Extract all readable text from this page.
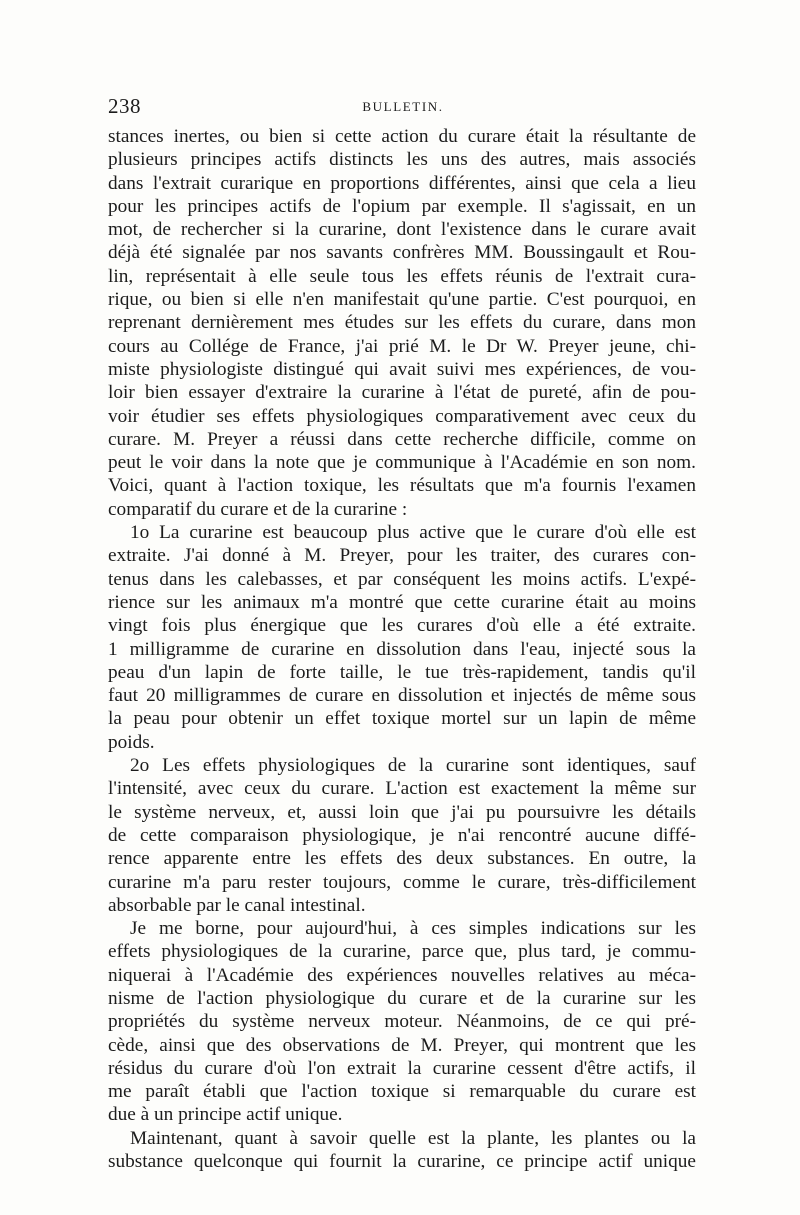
238	BULLETIN.
stances inertes, ou bien si cette action du curare était la résultante de
plusieurs principes actifs distincts les uns des autres, mais associés
dans l'extrait curarique en proportions différentes, ainsi que cela a lieu
pour les principes actifs de l'opium par exemple. Il s'agissait, en un
mot, de rechercher si la curarine, dont l'existence dans le curare avait
déjà été signalée par nos savants confrères MM. Boussingault et Rou-
lin, représentait à elle seule tous les effets réunis de l'extrait cura-
rique, ou bien si elle n'en manifestait qu'une partie. C'est pourquoi, en
reprenant dernièrement mes études sur les effets du curare, dans mon
cours au Collége de France, j'ai prié M. le Dr W. Preyer jeune, chi-
miste physiologiste distingué qui avait suivi mes expériences, de vou-
loir bien essayer d'extraire la curarine à l'état de pureté, afin de pou-
voir étudier ses effets physiologiques comparativement avec ceux du
curare. M. Preyer a réussi dans cette recherche difficile, comme on
peut le voir dans la note que je communique à l'Académie en son nom.
Voici, quant à l'action toxique, les résultats que m'a fournis l'examen
comparatif du curare et de la curarine :
1o La curarine est beaucoup plus active que le curare d'où elle est
extraite. J'ai donné à M. Preyer, pour les traiter, des curares con-
tenus dans les calebasses, et par conséquent les moins actifs. L'expé-
rience sur les animaux m'a montré que cette curarine était au moins
vingt fois plus énergique que les curares d'où elle a été extraite.
1 milligramme de curarine en dissolution dans l'eau, injecté sous la
peau d'un lapin de forte taille, le tue très-rapidement, tandis qu'il
faut 20 milligrammes de curare en dissolution et injectés de même sous
la peau pour obtenir un effet toxique mortel sur un lapin de même
poids.
2o Les effets physiologiques de la curarine sont identiques, sauf
l'intensité, avec ceux du curare. L'action est exactement la même sur
le système nerveux, et, aussi loin que j'ai pu poursuivre les détails
de cette comparaison physiologique, je n'ai rencontré aucune diffé-
rence apparente entre les effets des deux substances. En outre, la
curarine m'a paru rester toujours, comme le curare, très-difficilement
absorbable par le canal intestinal.
Je me borne, pour aujourd'hui, à ces simples indications sur les
effets physiologiques de la curarine, parce que, plus tard, je commu-
niquerai à l'Académie des expériences nouvelles relatives au méca-
nisme de l'action physiologique du curare et de la curarine sur les
propriétés du système nerveux moteur. Néanmoins, de ce qui pré-
cède, ainsi que des observations de M. Preyer, qui montrent que les
résidus du curare d'où l'on extrait la curarine cessent d'être actifs, il
me paraît établi que l'action toxique si remarquable du curare est
due à un principe actif unique.
Maintenant, quant à savoir quelle est la plante, les plantes ou la
substance quelconque qui fournit la curarine, ce principe actif unique
